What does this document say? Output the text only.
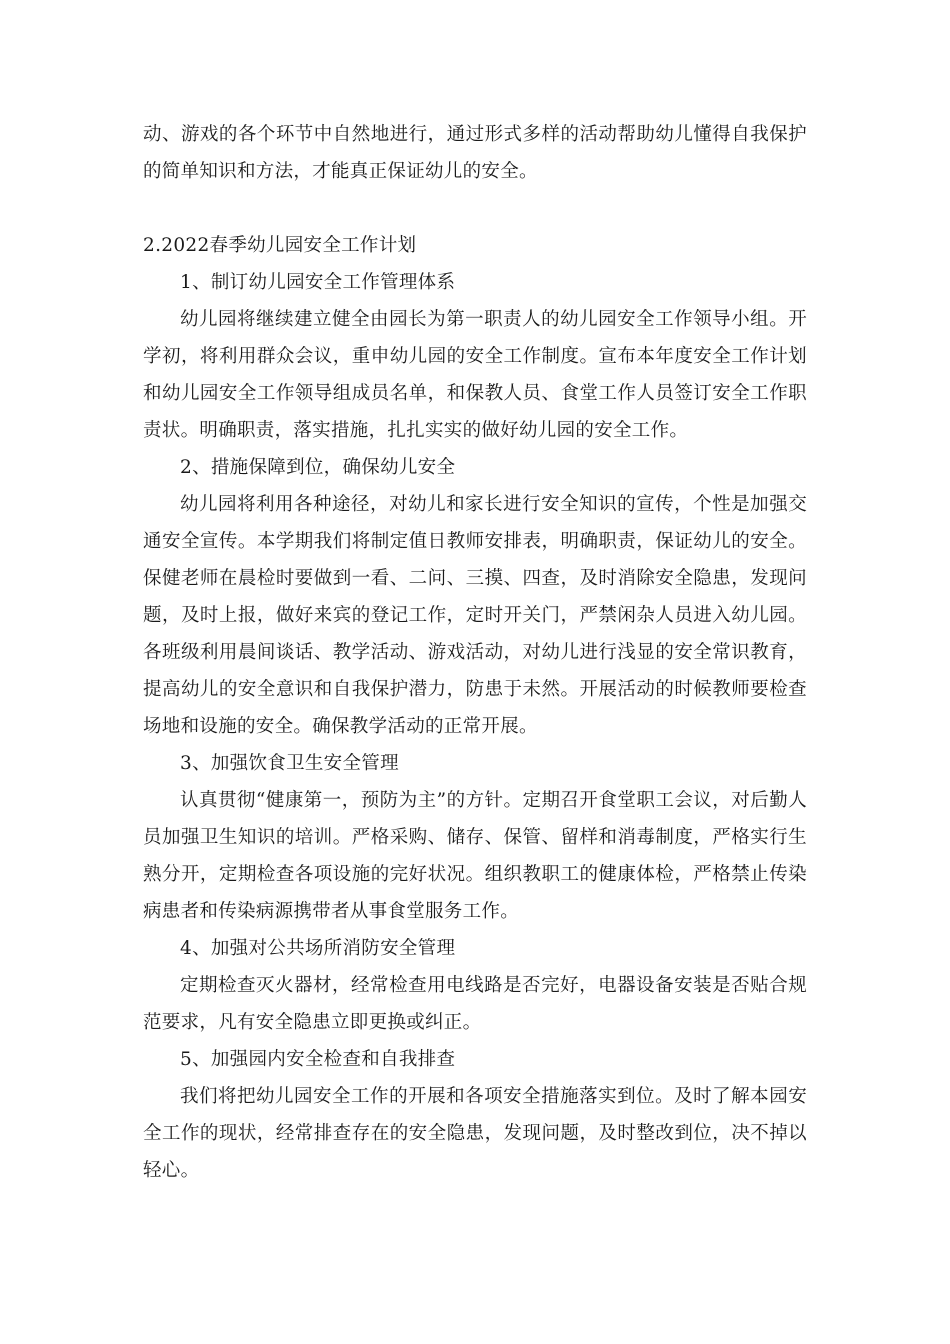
动、游戏的各个环节中自然地进行，通过形式多样的活动帮助幼儿懂得自我保护的简单知识和方法，才能真正保证幼儿的安全。

2.2022春季幼儿园安全工作计划

1、制订幼儿园安全工作管理体系

幼儿园将继续建立健全由园长为第一职责人的幼儿园安全工作领导小组。开学初，将利用群众会议，重申幼儿园的安全工作制度。宣布本年度安全工作计划和幼儿园安全工作领导组成员名单，和保教人员、食堂工作人员签订安全工作职责状。明确职责，落实措施，扎扎实实的做好幼儿园的安全工作。

2、措施保障到位，确保幼儿安全

幼儿园将利用各种途径，对幼儿和家长进行安全知识的宣传，个性是加强交通安全宣传。本学期我们将制定值日教师安排表，明确职责，保证幼儿的安全。保健老师在晨检时要做到一看、二问、三摸、四查，及时消除安全隐患，发现问题，及时上报，做好来宾的登记工作，定时开关门，严禁闲杂人员进入幼儿园。各班级利用晨间谈话、教学活动、游戏活动，对幼儿进行浅显的安全常识教育，提高幼儿的安全意识和自我保护潜力，防患于未然。开展活动的时候教师要检查场地和设施的安全。确保教学活动的正常开展。

3、加强饮食卫生安全管理

认真贯彻“健康第一，预防为主”的方针。定期召开食堂职工会议，对后勤人员加强卫生知识的培训。严格采购、储存、保管、留样和消毒制度，严格实行生熟分开，定期检查各项设施的完好状况。组织教职工的健康体检，严格禁止传染病患者和传染病源携带者从事食堂服务工作。

4、加强对公共场所消防安全管理

定期检查灭火器材，经常检查用电线路是否完好，电器设备安装是否贴合规范要求，凡有安全隐患立即更换或纠正。

5、加强园内安全检查和自我排查

我们将把幼儿园安全工作的开展和各项安全措施落实到位。及时了解本园安全工作的现状，经常排查存在的安全隐患，发现问题，及时整改到位，决不掉以轻心。
